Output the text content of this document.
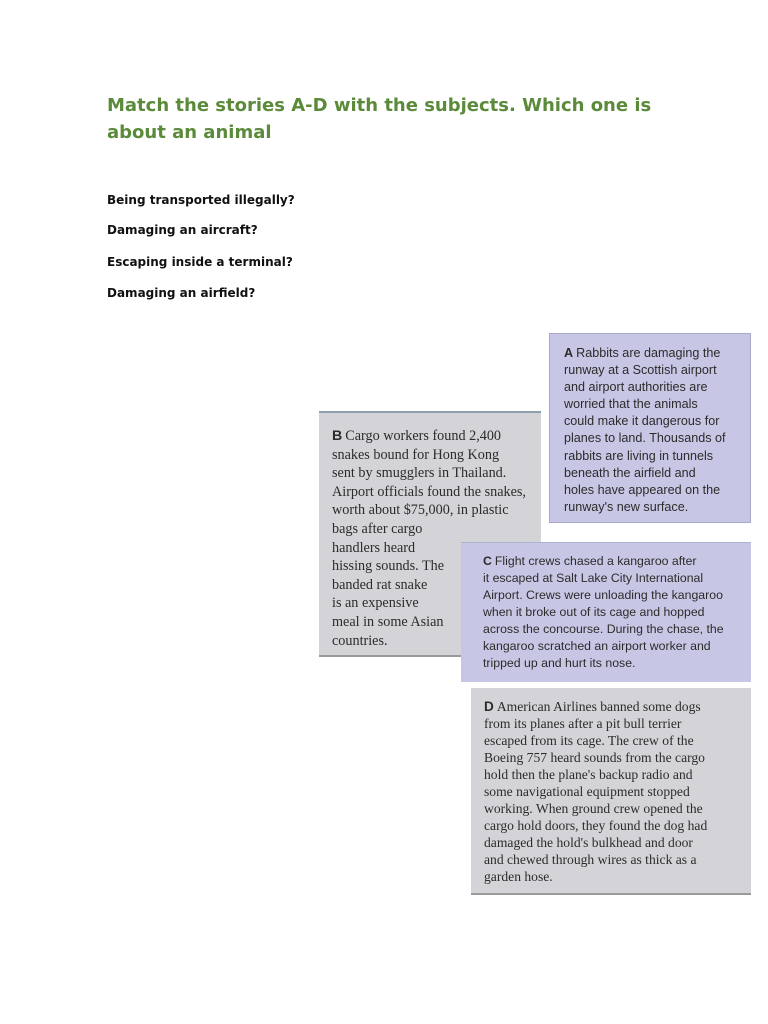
Match the stories A-D with the subjects. Which one is about an animal
Being transported illegally?
Damaging an aircraft?
Escaping inside a terminal?
Damaging an airfield?
A Rabbits are damaging the
runway at a Scottish airport
and airport authorities are
worried that the animals
could make it dangerous for
planes to land. Thousands of
rabbits are living in tunnels
beneath the airfield and
holes have appeared on the
runway's new surface.
B Cargo workers found 2,400
snakes bound for Hong Kong
sent by smugglers in Thailand.
Airport officials found the snakes,
worth about $75,000, in plastic
bags after cargo
handlers heard
hissing sounds. The
banded rat snake
is an expensive
meal in some Asian
countries.
C Flight crews chased a kangaroo after
it escaped at Salt Lake City International
Airport. Crews were unloading the kangaroo
when it broke out of its cage and hopped
across the concourse. During the chase, the
kangaroo scratched an airport worker and
tripped up and hurt its nose.
D American Airlines banned some dogs
from its planes after a pit bull terrier
escaped from its cage. The crew of the
Boeing 757 heard sounds from the cargo
hold then the plane's backup radio and
some navigational equipment stopped
working. When ground crew opened the
cargo hold doors, they found the dog had
damaged the hold's bulkhead and door
and chewed through wires as thick as a
garden hose.
